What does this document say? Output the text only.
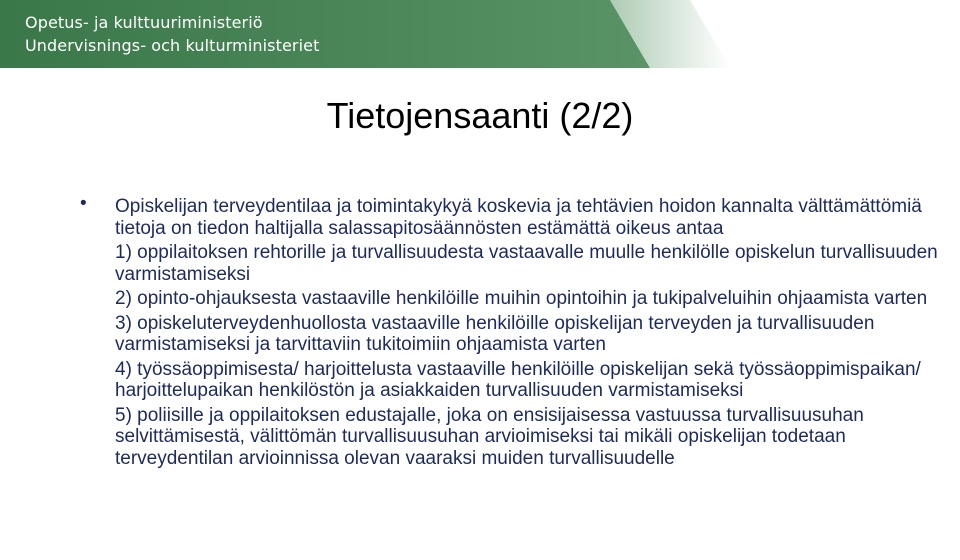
Opetus- ja kulttuuriministeriö
Undervisnings- och kulturministeriet
Tietojensaanti (2/2)
• Opiskelijan terveydentilaa ja toimintakykyä koskevia ja tehtävien hoidon kannalta välttämättömiä tietoja on tiedon haltijalla salassapitosäännösten estämättä oikeus antaa
1) oppilaitoksen rehtorille ja turvallisuudesta vastaavalle muulle henkilölle opiskelun turvallisuuden varmistamiseksi
2) opinto-ohjauksesta vastaaville henkilöille muihin opintoihin ja tukipalveluihin ohjaamista varten
3) opiskeluterveydenhuollosta vastaaville henkilöille opiskelijan terveyden ja turvallisuuden varmistamiseksi ja tarvittaviin tukitoimiin ohjaamista varten
4) työssäoppimisesta/ harjoittelusta vastaaville henkilöille opiskelijan sekä työssäoppimispaikan/ harjoittelupaikan henkilöstön ja asiakkaiden turvallisuuden varmistamiseksi
5) poliisille ja oppilaitoksen edustajalle, joka on ensisijaisessa vastuussa turvallisuusuhan selvittämisestä, välittömän turvallisuusuhan arvioimiseksi tai mikäli opiskelijan todetaan terveydentilan arvioinnissa olevan vaaraksi muiden turvallisuudelle
